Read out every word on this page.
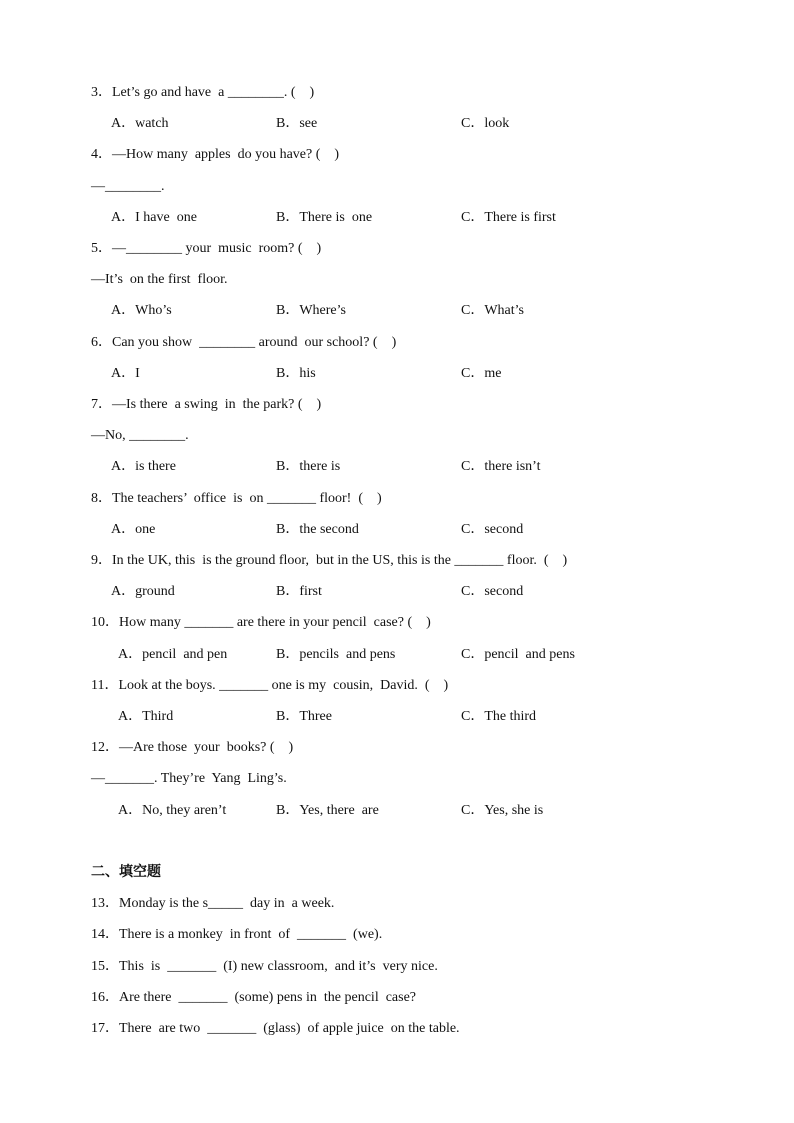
3．Let’s go and have  a ________. (    )
A．watch	B．see	C．look
4．—How many  apples  do you have? (    )
—________.
A．I have  one	B．There is  one	C．There is first
5．—________ your  music  room? (    )
—It’s  on the first  floor.
A．Who’s	B．Where’s	C．What’s
6．Can you show  ________ around  our school? (    )
A．I	B．his	C．me
7．—Is there  a swing  in  the park? (    )
—No, ________.
A．is there	B．there is	C．there isn’t
8．The teachers’  office  is  on _______ floor!  (    )
A．one	B．the second	C．second
9．In the UK, this  is the ground floor,  but in the US, this is the _______ floor.  (    )
A．ground	B．first	C．second
10．How many _______ are there in your pencil  case? (    )
A．pencil  and pen	B．pencils  and pens	C．pencil  and pens
11．Look at the boys. _______ one is my  cousin,  David.  (    )
A．Third	B．Three	C．The third
12．—Are those  your  books? (    )
—_______. They’re  Yang  Ling’s.
A．No, they aren’t	B．Yes, there  are	C．Yes, she is
二、填空题
13．Monday is the s_____  day in  a week.
14．There is a monkey  in front  of  _______  (we).
15．This  is  _______  (I) new classroom,  and it’s  very nice.
16．Are there  _______  (some) pens in  the pencil  case?
17．There  are two  _______  (glass)  of apple juice  on the table.
